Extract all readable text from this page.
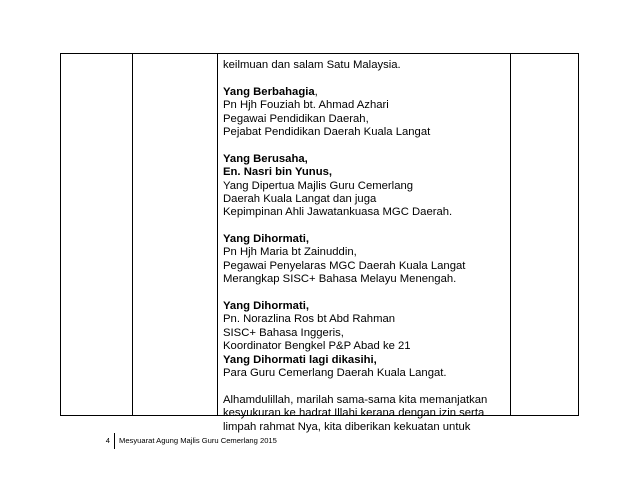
keilmuan dan salam Satu Malaysia.
Yang Berbahagia,
Pn Hjh Fouziah bt. Ahmad Azhari
Pegawai Pendidikan Daerah,
Pejabat Pendidikan Daerah Kuala Langat
Yang Berusaha,
En. Nasri bin Yunus,
Yang Dipertua Majlis Guru Cemerlang
Daerah Kuala Langat dan juga
Kepimpinan Ahli Jawatankuasa MGC Daerah.
Yang Dihormati,
Pn Hjh Maria bt Zainuddin,
Pegawai Penyelaras MGC Daerah Kuala Langat
Merangkap SISC+ Bahasa Melayu Menengah.
Yang Dihormati,
Pn. Norazlina Ros bt Abd Rahman
SISC+ Bahasa Inggeris,
Koordinator Bengkel P&P Abad ke 21
Yang Dihormati lagi dikasihi,
Para Guru Cemerlang Daerah Kuala Langat.
Alhamdulillah, marilah sama-sama kita memanjatkan
kesyukuran ke hadrat Illahi kerana dengan izin serta
limpah rahmat Nya, kita diberikan kekuatan untuk
4 Mesyuarat Agung Majlis Guru Cemerlang 2015
